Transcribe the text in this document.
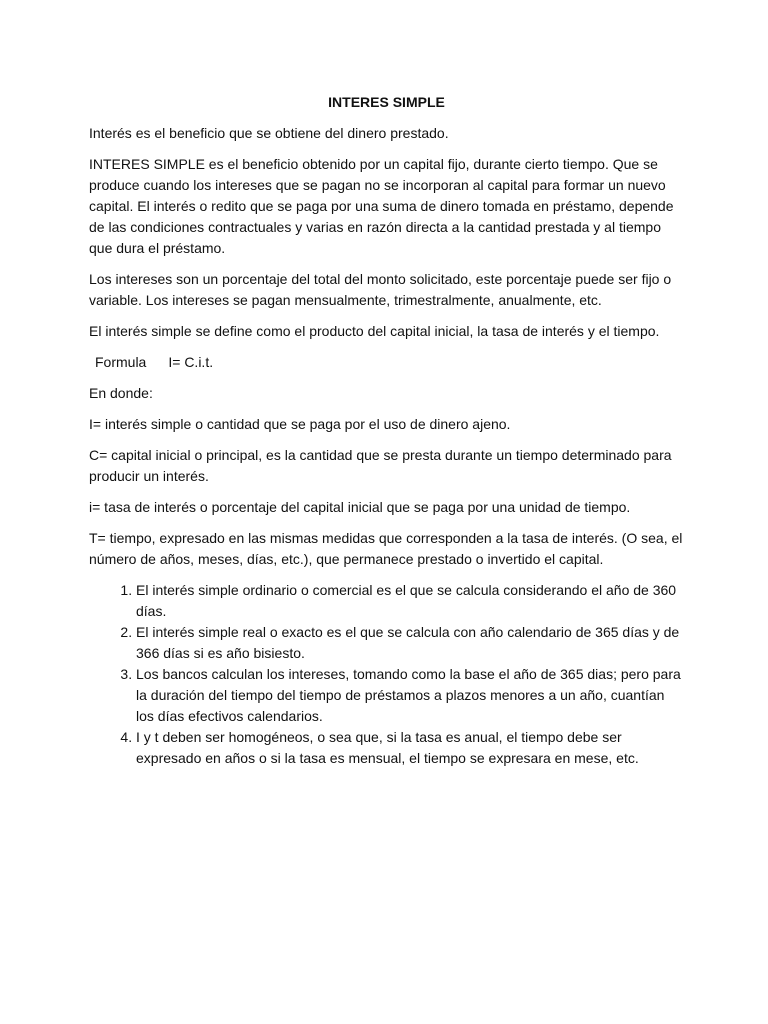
INTERES SIMPLE

Interés es el beneficio que se obtiene del dinero prestado.

INTERES SIMPLE es el beneficio obtenido por un capital fijo, durante cierto tiempo. Que se produce cuando los intereses que se pagan no se incorporan al capital para formar un nuevo capital. El interés o redito que se paga por una suma de dinero tomada en préstamo, depende de las condiciones contractuales y varias en razón directa a la cantidad prestada y al tiempo que dura el préstamo.

Los intereses son un porcentaje del total del monto solicitado, este porcentaje puede ser fijo o variable. Los intereses se pagan mensualmente, trimestralmente, anualmente, etc.

El interés simple se define como el producto del capital inicial, la tasa de interés y el tiempo.

Formula I= C.i.t.

En donde:

I= interés simple o cantidad que se paga por el uso de dinero ajeno.

C= capital inicial o principal, es la cantidad que se presta durante un tiempo determinado para producir un interés.

i= tasa de interés o porcentaje del capital inicial que se paga por una unidad de tiempo.

T= tiempo, expresado en las mismas medidas que corresponden a la tasa de interés. (O sea, el número de años, meses, días, etc.), que permanece prestado o invertido el capital.

1. El interés simple ordinario o comercial es el que se calcula considerando el año de 360 días.
2. El interés simple real o exacto es el que se calcula con año calendario de 365 días y de 366 días si es año bisiesto.
3. Los bancos calculan los intereses, tomando como la base el año de 365 dias; pero para la duración del tiempo del tiempo de préstamos a plazos menores a un año, cuantían los días efectivos calendarios.
4. I y t deben ser homogéneos, o sea que, si la tasa es anual, el tiempo debe ser expresado en años o si la tasa es mensual, el tiempo se expresara en mese, etc.
